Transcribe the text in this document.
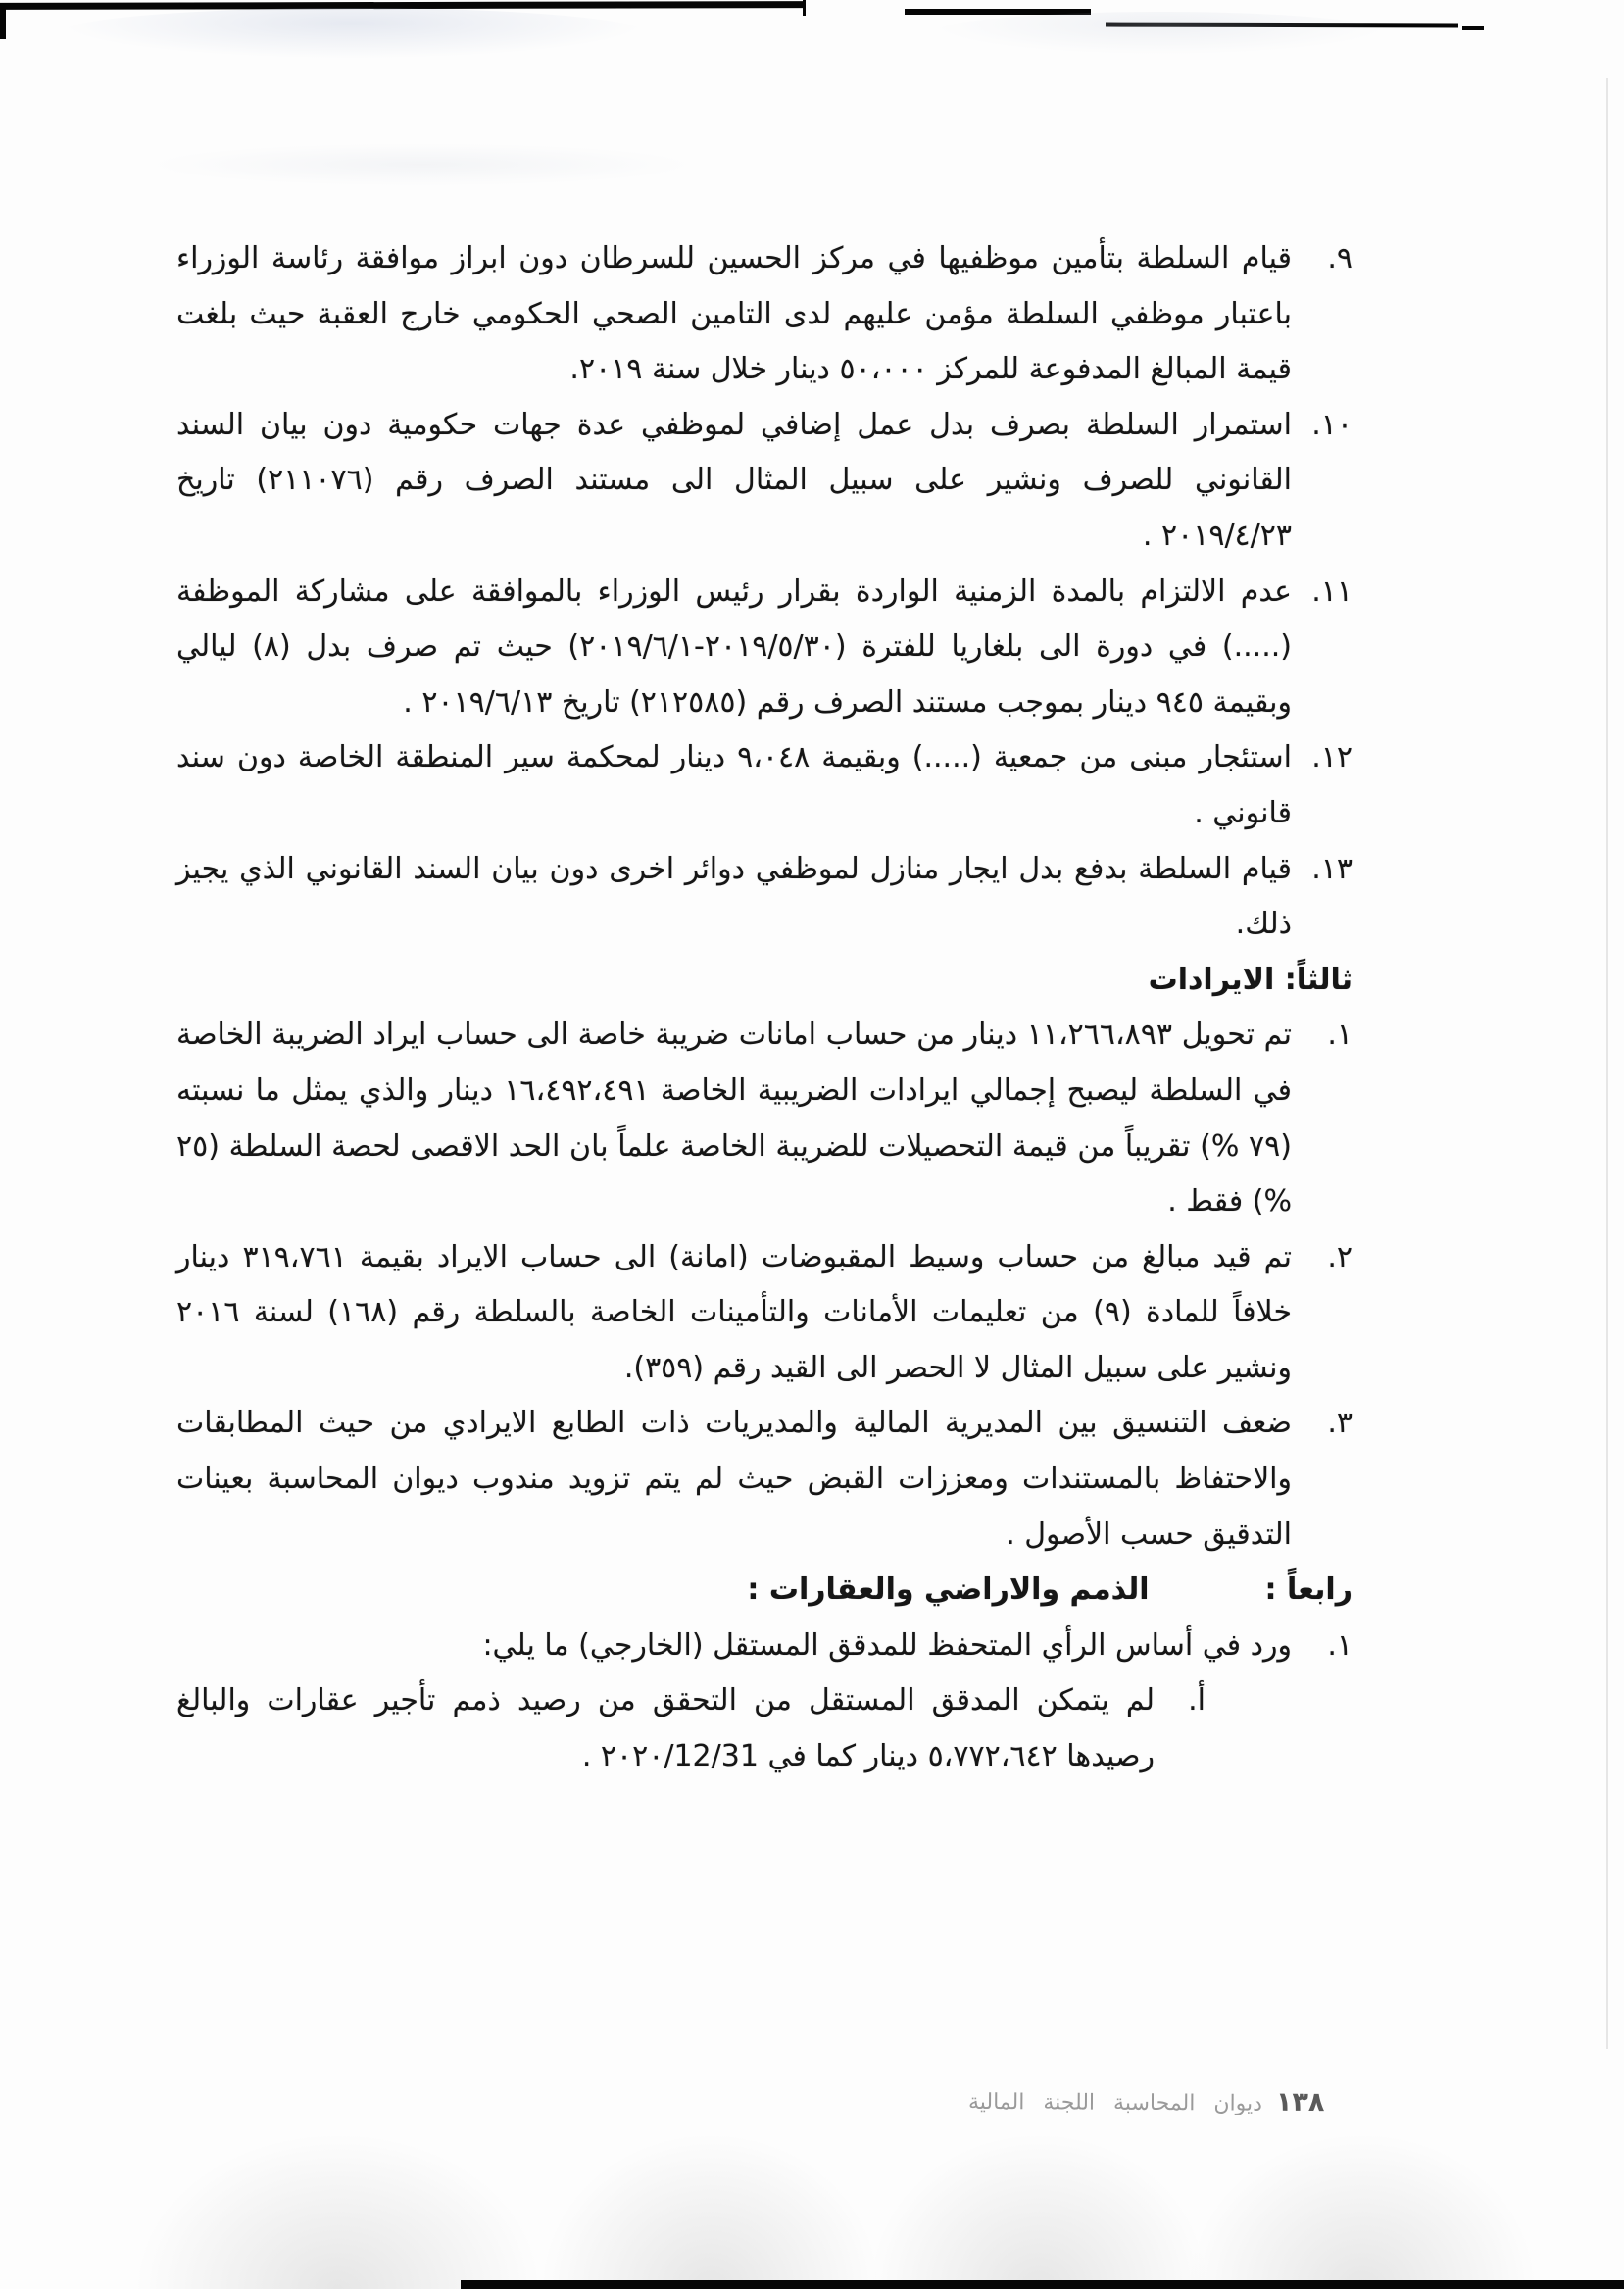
٩.

قيام السلطة بتأمين موظفيها في مركز الحسين للسرطان دون ابراز موافقة رئاسة الوزراء باعتبار موظفي السلطة مؤمن عليهم لدى التامين الصحي الحكومي خارج العقبة حيث بلغت قيمة المبالغ المدفوعة للمركز ٥٠،٠٠٠ دينار خلال سنة ٢٠١٩.

١٠.

استمرار السلطة بصرف بدل عمل إضافي لموظفي عدة جهات حكومية دون بيان السند القانوني للصرف ونشير على سبيل المثال الى مستند الصرف رقم (٢١١٠٧٦) تاريخ ٢٠١٩/٤/٢٣ .

١١.

عدم الالتزام بالمدة الزمنية الواردة بقرار رئيس الوزراء بالموافقة على مشاركة الموظفة (.....) في دورة الى بلغاريا للفترة (٢٠١٩/٥/٣٠-٢٠١٩/٦/١) حيث تم صرف بدل (٨) ليالي وبقيمة ٩٤٥ دينار بموجب مستند الصرف رقم (٢١٢٥٨٥) تاريخ ٢٠١٩/٦/١٣ .

١٢.

استئجار مبنى من جمعية (.....) وبقيمة ٩،٠٤٨ دينار لمحكمة سير المنطقة الخاصة دون سند قانوني .

١٣.

قيام السلطة بدفع بدل ايجار منازل لموظفي دوائر اخرى دون بيان السند القانوني الذي يجيز ذلك.

ثالثاً: الايرادات
١.

تم تحويل ١١،٢٦٦،٨٩٣ دينار من حساب امانات ضريبة خاصة الى حساب ايراد الضريبة الخاصة في السلطة ليصبح إجمالي ايرادات الضريبية الخاصة ١٦،٤٩٢،٤٩١ دينار والذي يمثل ما نسبته (٧٩ %) تقريباً من قيمة التحصيلات للضريبة الخاصة علماً بان الحد الاقصى لحصة السلطة (٢٥ %) فقط .

٢.

تم قيد مبالغ من حساب وسيط المقبوضات (امانة) الى حساب الايراد بقيمة ٣١٩،٧٦١ دينار خلافاً للمادة (٩) من تعليمات الأمانات والتأمينات الخاصة بالسلطة رقم (١٦٨) لسنة ٢٠١٦ ونشير على سبيل المثال لا الحصر الى القيد رقم (٣٥٩).

٣.

ضعف التنسيق بين المديرية المالية والمديريات ذات الطابع الايرادي من حيث المطابقات والاحتفاظ بالمستندات ومعززات القبض حيث لم يتم تزويد مندوب ديوان المحاسبة بعينات التدقيق حسب الأصول .

رابعاً :الذمم والاراضي والعقارات :
١.

ورد في أساس الرأي المتحفظ للمدقق المستقل (الخارجي) ما يلي:

أ.

لم يتمكن المدقق المستقل من التحقق من رصيد ذمم تأجير عقارات والبالغ رصيدها ٥،٧٧٢،٦٤٢ دينار كما في ٢٠٢٠/12/31 .

١٣٨
ديوان المحاسبة اللجنة المالية
